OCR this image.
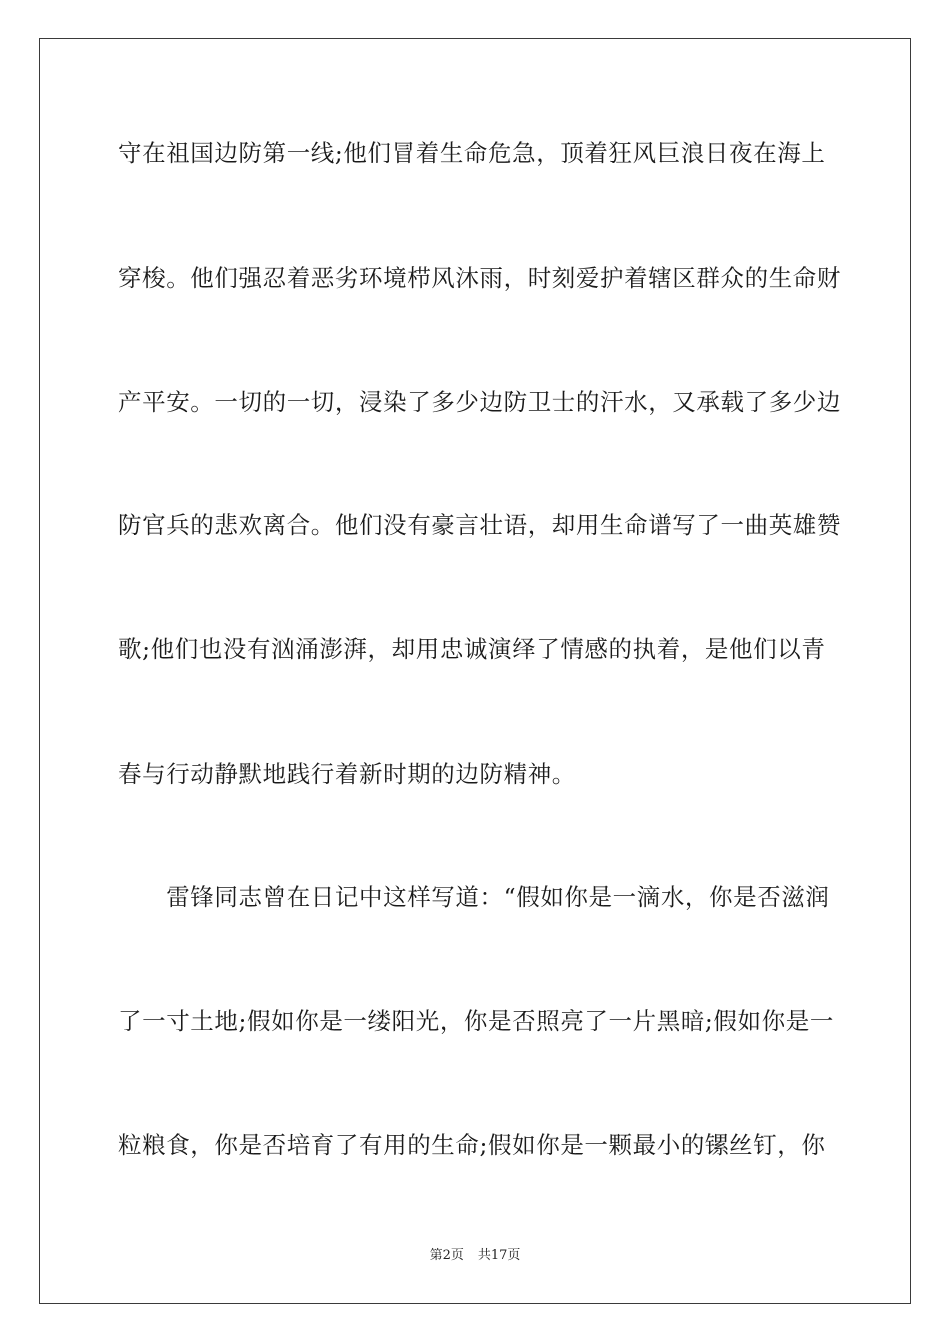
守在祖国边防第一线;他们冒着生命危急，顶着狂风巨浪日夜在海上
穿梭。他们强忍着恶劣环境栉风沐雨，时刻爱护着辖区群众的生命财
产平安。一切的一切，浸染了多少边防卫士的汗水，又承载了多少边
防官兵的悲欢离合。他们没有豪言壮语，却用生命谱写了一曲英雄赞
歌;他们也没有汹涌澎湃，却用忠诚演绎了情感的执着，是他们以青
春与行动静默地践行着新时期的边防精神。
　　雷锋同志曾在日记中这样写道：“假如你是一滴水，你是否滋润
了一寸土地;假如你是一缕阳光，你是否照亮了一片黑暗;假如你是一
粒粮食，你是否培育了有用的生命;假如你是一颗最小的镙丝钉，你
第2页 共17页
